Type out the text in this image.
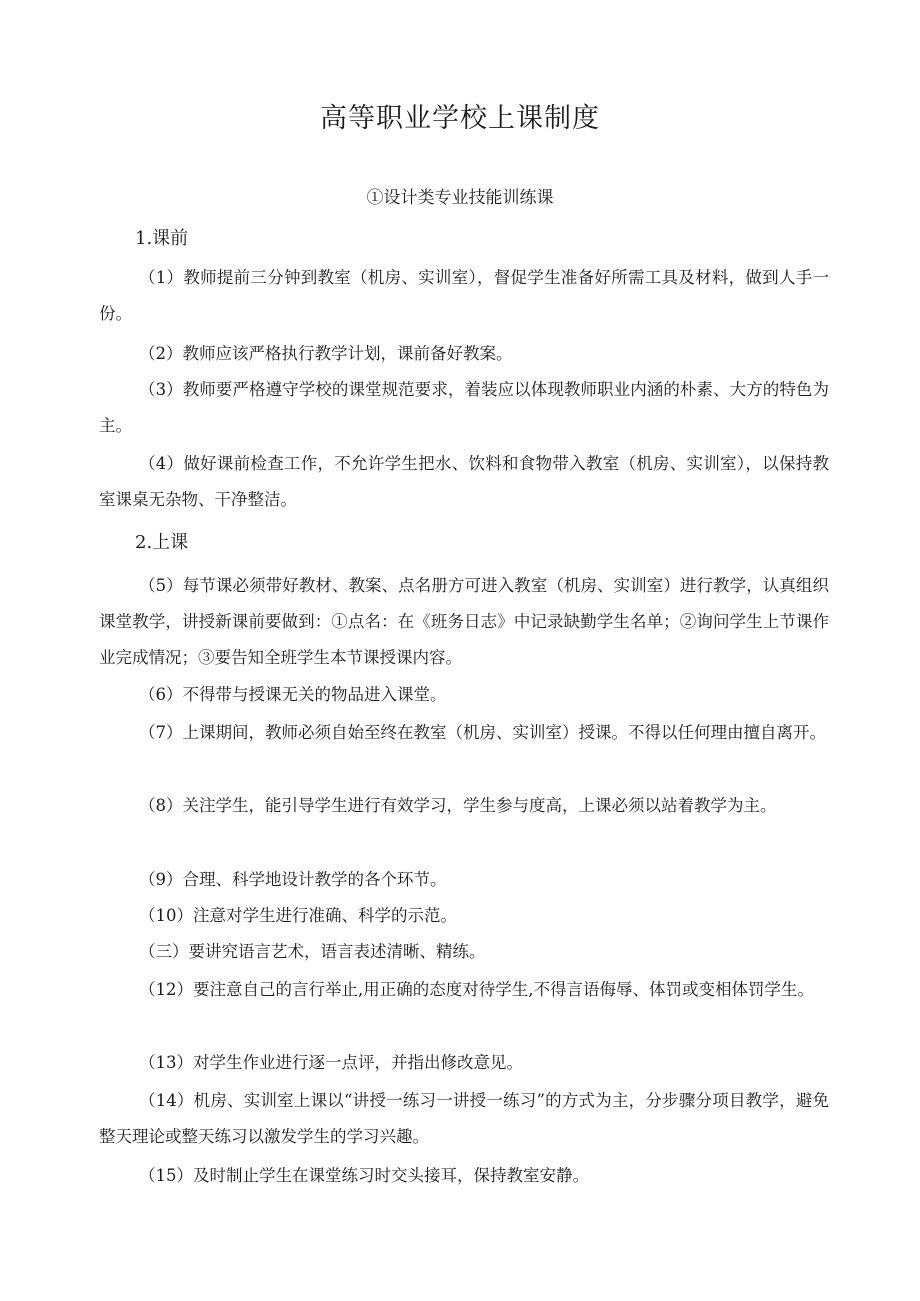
高等职业学校上课制度
①设计类专业技能训练课
1.课前

（1）教师提前三分钟到教室（机房、实训室），督促学生准备好所需工具及材料，做到人手一份。

（2）教师应该严格执行教学计划，课前备好教案。

（3）教师要严格遵守学校的课堂规范要求，着装应以体现教师职业内涵的朴素、大方的特色为主。

（4）做好课前检查工作，不允许学生把水、饮料和食物带入教室（机房、实训室），以保持教室课桌无杂物、干净整洁。

2.上课

（5）每节课必须带好教材、教案、点名册方可进入教室（机房、实训室）进行教学，认真组织课堂教学，讲授新课前要做到：①点名：在《班务日志》中记录缺勤学生名单；②询问学生上节课作业完成情况；③要告知全班学生本节课授课内容。

（6）不得带与授课无关的物品进入课堂。

（7）上课期间，教师必须自始至终在教室（机房、实训室）授课。不得以任何理由擅自离开。

（8）关注学生，能引导学生进行有效学习，学生参与度高，上课必须以站着教学为主。

（9）合理、科学地设计教学的各个环节。

（10）注意对学生进行准确、科学的示范。

（三）要讲究语言艺术，语言表述清晰、精练。

（12）要注意自己的言行举止,用正确的态度对待学生,不得言语侮辱、体罚或变相体罚学生。

（13）对学生作业进行逐一点评，并指出修改意见。

（14）机房、实训室上课以“讲授一练习一讲授一练习”的方式为主，分步骤分项目教学，避免整天理论或整天练习以激发学生的学习兴趣。

（15）及时制止学生在课堂练习时交头接耳，保持教室安静。
